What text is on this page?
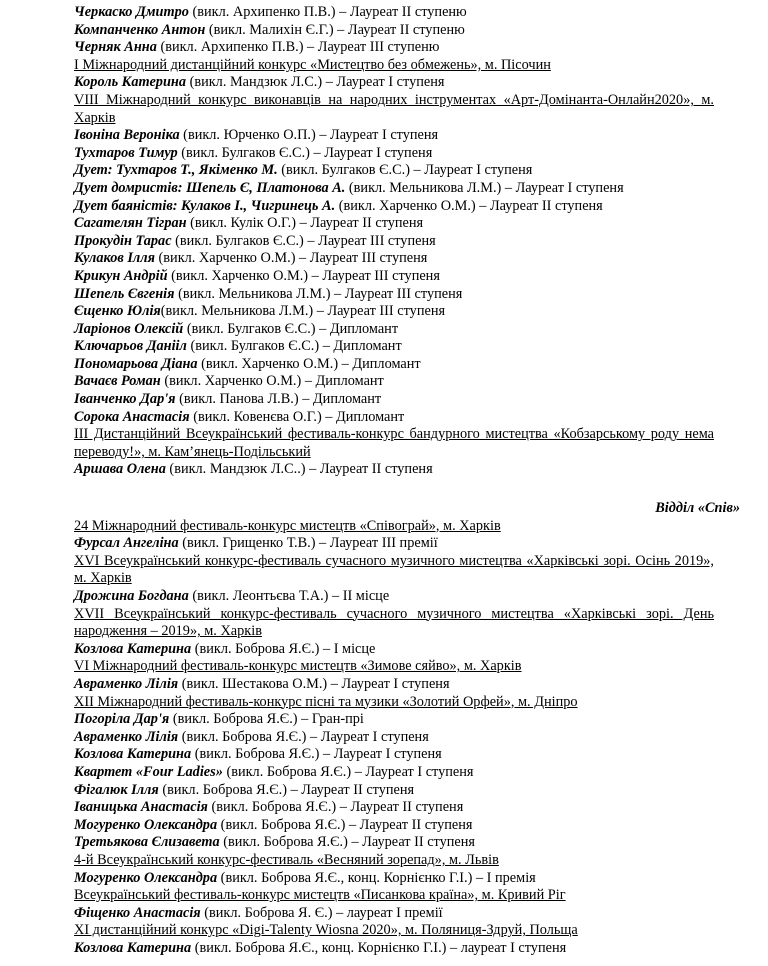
Черкаско Дмитро (викл. Архипенко П.В.) – Лауреат ІІ ступеню
Компанченко Антон (викл. Малихін Є.Г.) – Лауреат ІІ ступеню
Черняк Анна (викл. Архипенко П.В.) – Лауреат ІІІ ступеню
І Міжнародний дистанційний конкурс «Мистецтво без обмежень», м. Пісочин
Король Катерина (викл. Мандзюк Л.С.) – Лауреат І ступеня
VIII Міжнародний конкурс виконавців на народних інструментах «Арт-Домінанта-Онлайн2020», м. Харків
Івоніна Вероніка (викл. Юрченко О.П.) – Лауреат І ступеня
Тухтаров Тимур (викл. Булгаков Є.С.) – Лауреат І ступеня
Дует: Тухтаров Т., Якіменко М. (викл. Булгаков Є.С.) – Лауреат І ступеня
Дует домристів: Шепель Є, Платонова А. (викл. Мельникова Л.М.) – Лауреат І ступеня
Дует баяністів: Кулаков І., Чигринець А. (викл. Харченко О.М.) – Лауреат ІІ ступеня
Сагателян Тігран (викл. Кулік О.Г.) – Лауреат ІІ ступеня
Прокудін Тарас (викл. Булгаков Є.С.) – Лауреат ІІІ ступеня
Кулаков Ілля (викл. Харченко О.М.) – Лауреат ІІІ ступеня
Крикун Андрій (викл. Харченко О.М.) – Лауреат ІІІ ступеня
Шепель Євгенія (викл. Мельникова Л.М.) – Лауреат ІІІ ступеня
Єщенко Юлія(викл. Мельникова Л.М.) – Лауреат ІІІ ступеня
Ларіонов Олексій (викл. Булгаков Є.С.) – Дипломант
Ключарьов Данііл (викл. Булгаков Є.С.) – Дипломант
Пономарьова Діана (викл. Харченко О.М.) – Дипломант
Вачаєв Роман (викл. Харченко О.М.) – Дипломант
Іванченко Дар'я (викл. Панова Л.В.) – Дипломант
Сорока Анастасія (викл. Ковенєва О.Г.) – Дипломант
ІІІ Дистанційний Всеукраїнський фестиваль-конкурс бандурного мистецтва «Кобзарському роду нема переводу!», м. Кам’янець-Подільський
Аршава Олена (викл. Мандзюк Л.С..) – Лауреат ІІ ступеня
Відділ «Спів»
24 Міжнародний фестиваль-конкурс мистецтв «Співограй», м. Харків
Фурсал Ангеліна (викл. Грищенко Т.В.) – Лауреат ІІІ премії
XVI Всеукраїнський конкурс-фестиваль сучасного музичного мистецтва «Харківські зорі. Осінь 2019», м. Харків
Дрожина Богдана (викл. Леонтьєва Т.А.) – ІІ місце
XVII Всеукраїнський конкурс-фестиваль сучасного музичного мистецтва «Харківські зорі. День народження – 2019», м. Харків
Козлова Катерина (викл. Боброва Я.Є.) – І місце
VI Міжнародний фестиваль-конкурс мистецтв «Зимове сяйво», м. Харків
Авраменко Лілія (викл. Шестакова О.М.) – Лауреат І ступеня
XII Міжнародний фестиваль-конкурс пісні та музики «Золотий Орфей», м. Дніпро
Погоріла Дар'я (викл. Боброва Я.Є.) – Гран-прі
Авраменко Лілія (викл. Боброва Я.Є.) – Лауреат І ступеня
Козлова Катерина (викл. Боброва Я.Є.) – Лауреат І ступеня
Квартет «Four Ladies» (викл. Боброва Я.Є.) – Лауреат І ступеня
Фігалюк Ілля (викл. Боброва Я.Є.) – Лауреат ІІ ступеня
Іваницька Анастасія (викл. Боброва Я.Є.) – Лауреат ІІ ступеня
Могуренко Олександра (викл. Боброва Я.Є.) – Лауреат ІІ ступеня
Третьякова Єлизавета (викл. Боброва Я.Є.) – Лауреат ІІ ступеня
4-й Всеукраїнський конкурс-фестиваль «Весняний зорепад», м. Львів
Могуренко Олександра (викл. Боброва Я.Є., конц. Корнієнко Г.І.) – І премія
Всеукраїнський фестиваль-конкурс мистецтв «Писанкова країна», м. Кривий Ріг
Фіщенко Анастасія (викл. Боброва Я. Є.) – лауреат І премії
XI дистанційний конкурс «Digi-Talenty Wiosna 2020», м. Поляниця-Здруй, Польща
Козлова Катерина (викл. Боброва Я.Є., конц. Корнієнко Г.І.) – лауреат І ступеня
